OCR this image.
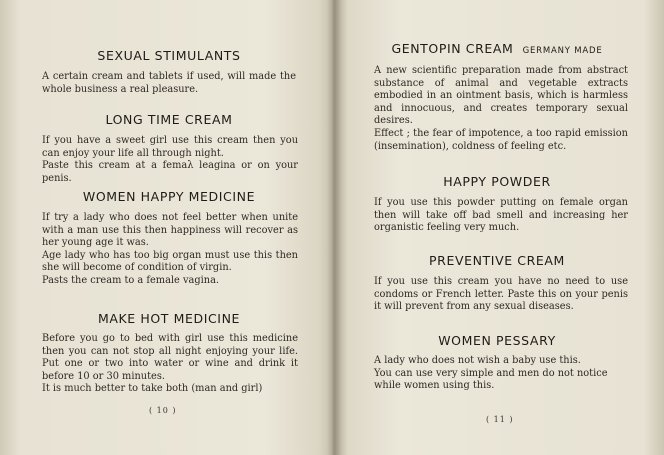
SEXUAL STIMULANTS

A certain cream and tablets if used, will made the whole business a real pleasure.

LONG TIME CREAM

If you have a sweet girl use this cream then you can enjoy your life all through night.

Paste this cream at a femaλ leagina or on your penis.

WOMEN HAPPY MEDICINE

If try a lady who does not feel better when unite with a man use this then happiness will recover as her young age it was.

Age lady who has too big organ must use this then she will become of condition of virgin.

Pasts the cream to a female vagina.

MAKE HOT MEDICINE

Before you go to bed with girl use this medicine then you can not stop all night enjoying your life. Put one or two into water or wine and drink it before 10 or 30 minutes.

It is much better to take both (man and girl)

( 10 )
GENTOPIN CREAM GERMANY MADE

A new scientific preparation made from abstract substance of animal and vegetable extracts embodied in an ointment basis, which is harmless and innocuous, and creates temporary sexual desires.

Effect ; the fear of impotence, a too rapid emission (insemination), coldness of feeling etc.

HAPPY POWDER

If you use this powder putting on female organ then will take off bad smell and increasing her organistic feeling very much.

PREVENTIVE CREAM

If you use this cream you have no need to use condoms or French letter. Paste this on your penis it will prevent from any sexual diseases.

WOMEN PESSARY

A lady who does not wish a baby use this.

You can use very simple and men do not notice while women using this.

( 11 )
